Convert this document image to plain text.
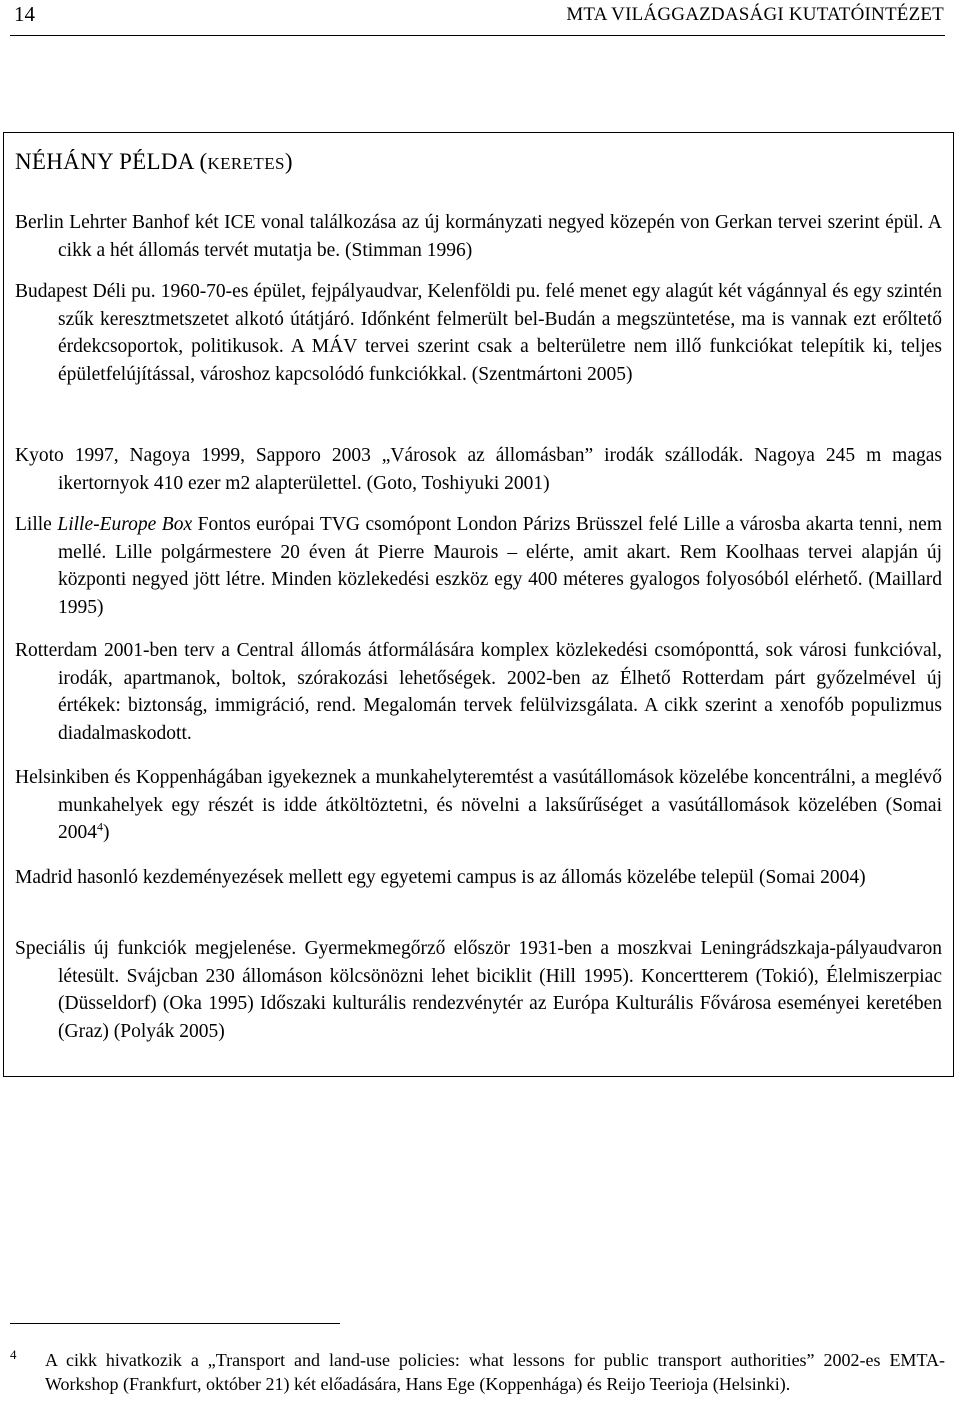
14	MTA VILÁGGAZDASÁGI KUTATÓINTÉZET
NÉHÁNY PÉLDA (KERETES)

Berlin Lehrter Banhof két ICE vonal találkozása az új kormányzati negyed közepén von Gerkan tervei szerint épül. A cikk a hét állomás tervét mutatja be. (Stimman 1996)

Budapest Déli pu. 1960-70-es épület, fejpályaudvar, Kelenföldi pu. felé menet egy alagút két vágánnyal és egy szintén szűk keresztmetszetet alkotó útátjáró. Időnként felmerült bel-Budán a megszüntetése, ma is vannak ezt erőltető érdekcsoportok, politikusok. A MÁV tervei szerint csak a belterületre nem illő funkciókat telepítik ki, teljes épületfelújítással, városhoz kapcsolódó funkciókkal. (Szentmártoni 2005)

Kyoto 1997, Nagoya 1999, Sapporo 2003 „Városok az állomásban” irodák szállodák. Nagoya 245 m magas ikertornyok 410 ezer m2 alapterülettel. (Goto, Toshiyuki 2001)

Lille Lille-Europe Box Fontos európai TVG csomópont London Párizs Brüsszel felé Lille a városba akarta tenni, nem mellé. Lille polgármestere 20 éven át Pierre Maurois – elérte, amit akart. Rem Koolhaas tervei alapján új központi negyed jött létre. Minden közlekedési eszköz egy 400 méteres gyalogos folyosóból elérhető. (Maillard 1995)

Rotterdam 2001-ben terv a Central állomás átformálására komplex közlekedési csomóponttá, sok városi funkcióval, irodák, apartmanok, boltok, szórakozási lehetőségek. 2002-ben az Élhető Rotterdam párt győzelmével új értékek: biztonság, immigráció, rend. Megalomán tervek felülvizsgálata. A cikk szerint a xenofób populizmus diadalmaskodott.

Helsinkiben és Koppenhágában igyekeznek a munkahelyteremtést a vasútállomások közelébe koncentrálni, a meglévő munkahelyek egy részét is idde átköltöztetni, és növelni a laksűrűséget a vasútállomások közelében (Somai 2004$^4$)

Madrid hasonló kezdeményezések mellett egy egyetemi campus is az állomás közelébe települ (Somai 2004)

Speciális új funkciók megjelenése. Gyermekmegőrző először 1931-ben a moszkvai Leningrádszkaja-pályaudvaron létesült. Svájcban 230 állomáson kölcsönözni lehet biciklit (Hill 1995). Koncertterem (Tokió), Élelmiszerpiac (Düsseldorf) (Oka 1995) Időszaki kulturális rendezvénytér az Európa Kulturális Fővárosa eseményei keretében (Graz) (Polyák 2005)

4 A cikk hivatkozik a „Transport and land-use policies: what lessons for public transport authorities” 2002-es EMTA-Workshop (Frankfurt, október 21) két előadására, Hans Ege (Koppenhága) és Reijo Teerioja (Helsinki).
